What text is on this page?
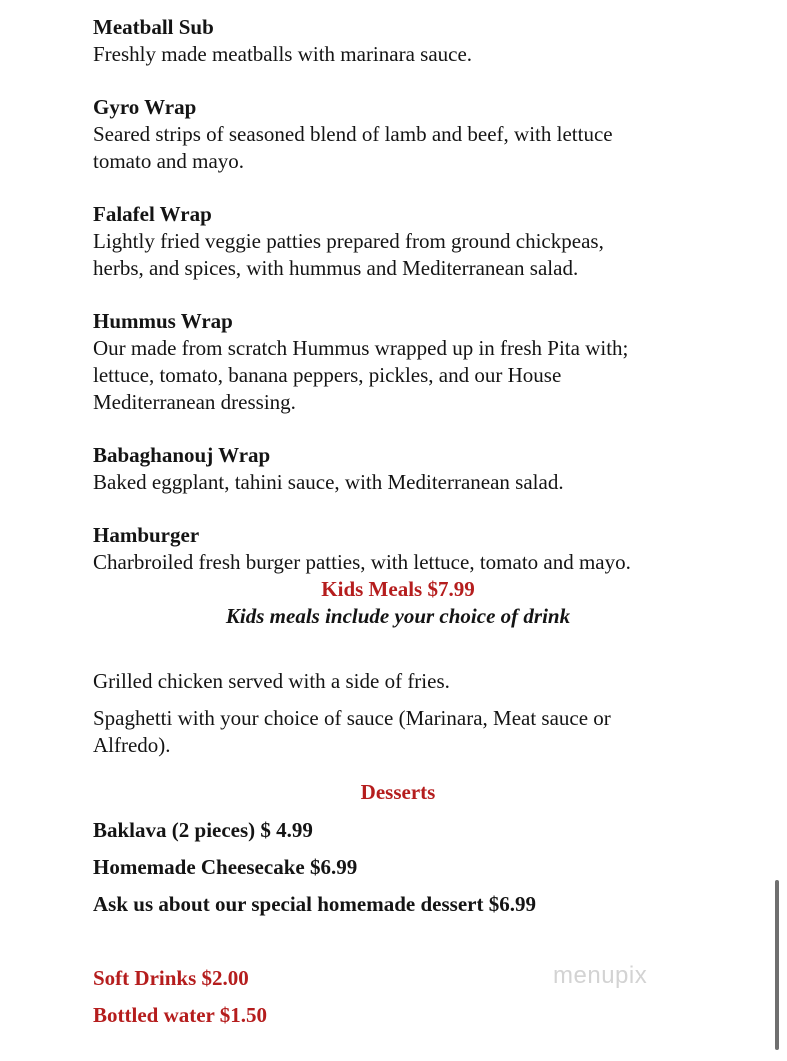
Meatball Sub
Freshly made meatballs with marinara sauce.
Gyro Wrap
Seared strips of seasoned blend of lamb and beef, with lettuce
tomato and mayo.
Falafel Wrap
Lightly fried veggie patties prepared from ground chickpeas,
herbs, and spices, with hummus and Mediterranean salad.
Hummus Wrap
Our made from scratch Hummus wrapped up in fresh Pita with;
lettuce, tomato, banana peppers, pickles, and our House
Mediterranean dressing.
Babaghanouj Wrap
Baked eggplant, tahini sauce, with Mediterranean salad.
Hamburger
Charbroiled fresh burger patties, with lettuce, tomato and mayo.
Kids Meals $7.99
Kids meals include your choice of drink
Grilled chicken served with a side of fries.
Spaghetti with your choice of sauce (Marinara, Meat sauce or
Alfredo).
Desserts
Baklava (2 pieces) $ 4.99
Homemade Cheesecake $6.99
Ask us about our special homemade dessert $6.99
Soft Drinks $2.00
Bottled water $1.50
menupix
